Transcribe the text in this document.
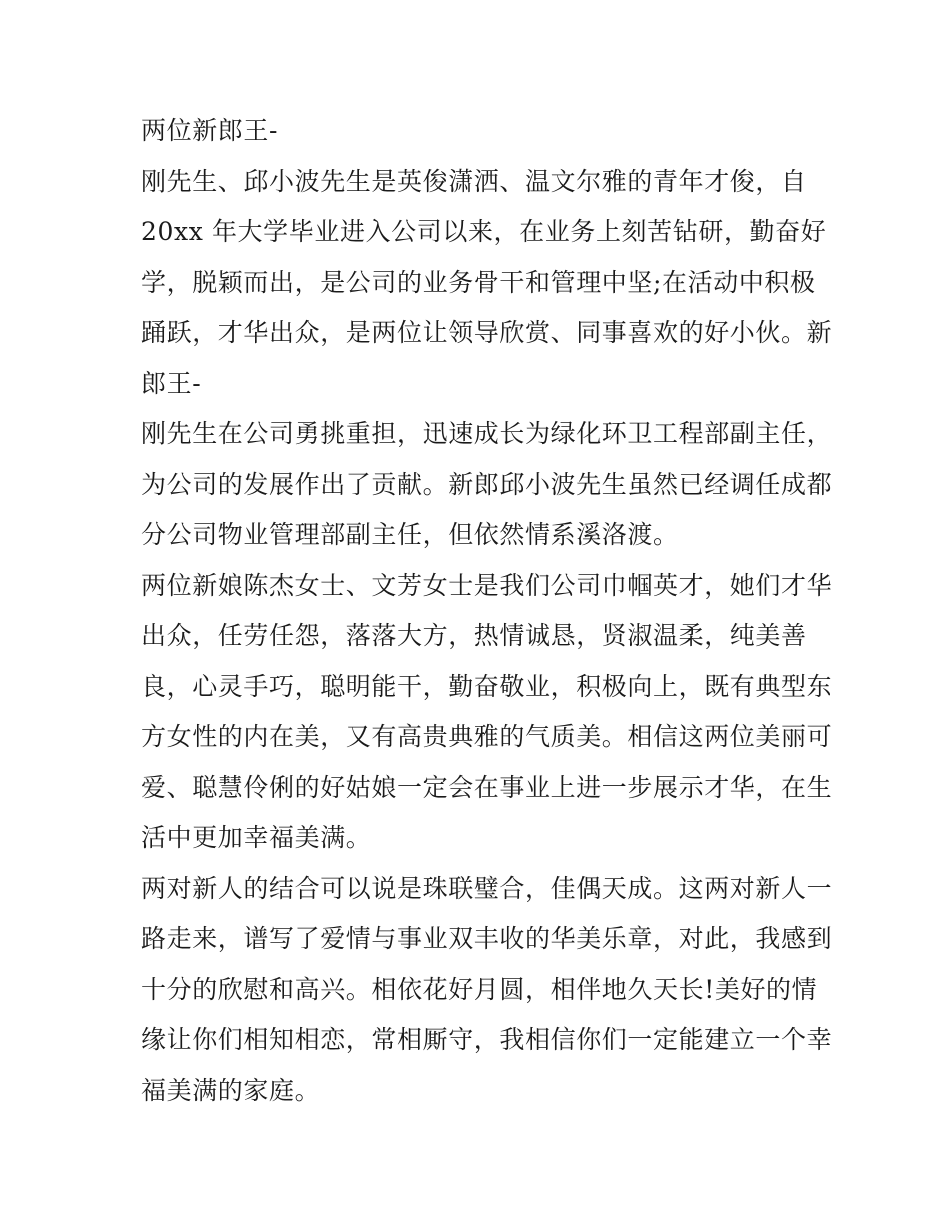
两位新郎王-
刚先生、邱小波先生是英俊潇洒、温文尔雅的青年才俊，自
20xx 年大学毕业进入公司以来，在业务上刻苦钻研，勤奋好
学，脱颖而出，是公司的业务骨干和管理中坚;在活动中积极
踊跃，才华出众，是两位让领导欣赏、同事喜欢的好小伙。新
郎王-
刚先生在公司勇挑重担，迅速成长为绿化环卫工程部副主任，
为公司的发展作出了贡献。新郎邱小波先生虽然已经调任成都
分公司物业管理部副主任，但依然情系溪洛渡。
两位新娘陈杰女士、文芳女士是我们公司巾帼英才，她们才华
出众，任劳任怨，落落大方，热情诚恳，贤淑温柔，纯美善
良，心灵手巧，聪明能干，勤奋敬业，积极向上，既有典型东
方女性的内在美，又有高贵典雅的气质美。相信这两位美丽可
爱、聪慧伶俐的好姑娘一定会在事业上进一步展示才华，在生
活中更加幸福美满。
两对新人的结合可以说是珠联璧合，佳偶天成。这两对新人一
路走来，谱写了爱情与事业双丰收的华美乐章，对此，我感到
十分的欣慰和高兴。相依花好月圆，相伴地久天长!美好的情
缘让你们相知相恋，常相厮守，我相信你们一定能建立一个幸
福美满的家庭。
